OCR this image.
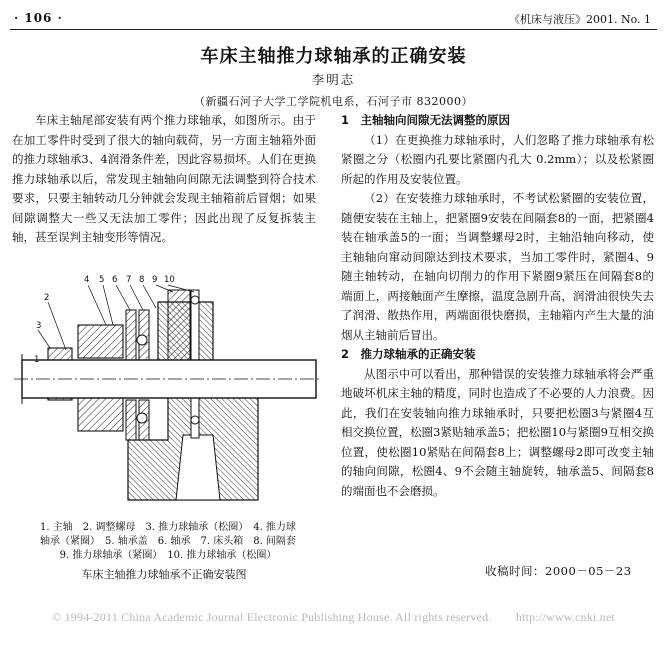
· 106 ·	《机床与液压》2001. No. 1
车床主轴推力球轴承的正确安装
李明志
（新疆石河子大学工学院机电系，石河子市 832000）

车床主轴尾部安装有两个推力球轴承，如图所示。由于在加工零件时受到了很大的轴向载荷，另一方面主轴箱外面的推力球轴承3、4润滑条件差，因此容易损坏。人们在更换推力球轴承以后，常发现主轴轴向间隙无法调整到符合技术要求，只要主轴转动几分钟就会发现主轴箱前后冒烟；如果间隙调整大一些又无法加工零件；因此出现了反复拆装主轴，甚至误判主轴变形等情况。

3
2
4 5 6 7 8 9 10
1
1. 主轴　2. 调整螺母　3. 推力球轴承（松圈）　4. 推力球
轴承（紧圈）　5. 轴承盖　6. 轴承　7. 床头箱　8. 间隔套
9. 推力球轴承（紧圈）　10. 推力球轴承（松圈）
车床主轴推力球轴承不正确安装图

1　主轴轴向间隙无法调整的原因

（1）在更换推力球轴承时，人们忽略了推力球轴承有松紧圈之分（松圈内孔要比紧圈内孔大 0.2mm）；以及松紧圈所起的作用及安装位置。

（2）在安装推力球轴承时，不考试松紧圈的安装位置，随便安装在主轴上，把紧圈9安装在间隔套8的一面，把紧圈4装在轴承盖5的一面；当调整螺母2时，主轴沿轴向移动，使主轴轴向窜动间隙达到技术要求，当加工零件时，紧圈4、9随主轴转动，在轴向切削力的作用下紧圈9紧压在间隔套8的端面上，两接触面产生摩擦，温度急剧升高，润滑油很快失去了润滑、散热作用，两端面很快磨损，主轴箱内产生大量的油烟从主轴前后冒出。

2　推力球轴承的正确安装

从图示中可以看出，那种错误的安装推力球轴承将会严重地破坏机床主轴的精度，同时也造成了不必要的人力浪费。因此，我们在安装轴向推力球轴承时，只要把松圈3与紧圈4互相交换位置，松圈3紧贴轴承盖5；把松圈10与紧圈9互相交换位置，使松圈10紧贴在间隔套8上；调整螺母2即可改变主轴的轴向间隙，松圈4、9不会随主轴旋转，轴承盖5、间隔套8的端面也不会磨损。

收稿时间：2000－05－23
© 1994-2011 China Academic Journal Electronic Publishing House. All rights reserved.　　http://www.cnki.net
